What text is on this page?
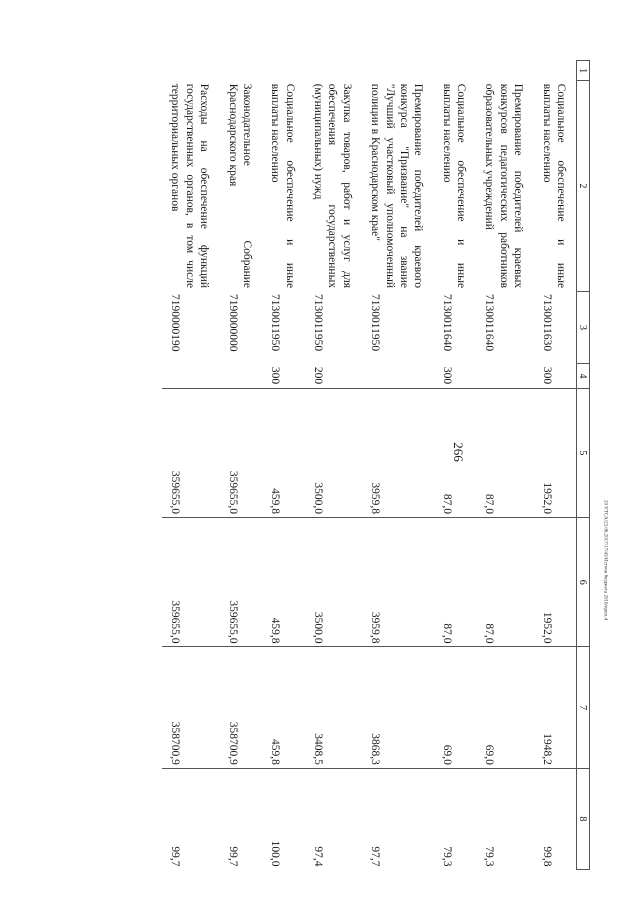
266
20 VTCA/23.06.2017/17/43/Источн бюджета 2016/прил.4
1	2	3	4	5	6	7	8
	Социальное обеспечение и иные выплаты населению	7130011630	300	1952,0	1952,0	1948,2	99,8
	Премирование победителей краевых конкурсов педагогических работников образовательных учреждений	7130011640		87,0	87,0	69,0	79,3
	Социальное обеспечение и иные выплаты населению	7130011640	300	87,0	87,0	69,0	79,3
	Премирование победителей краевого конкурса "Призвание" на звание "Лучший участковый уполномоченный полиции в Краснодарском крае"	7130011950		3959,8	3959,8	3868,3	97,7
	Закупка товаров, работ и услуг для обеспечения государственных (муниципальных) нужд	7130011950	200	3500,0	3500,0	3408,5	97,4
	Социальное обеспечение и иные выплаты населению	7130011950	300	459,8	459,8	459,8	100,0
	Законодательное Собрание Краснодарского края	7190000000		359655,0	359655,0	358700,9	99,7
	Расходы на обеспечение функций государственных органов, в том числе территориальных органов	7190000190		359655,0	359655,0	358700,9	99,7
